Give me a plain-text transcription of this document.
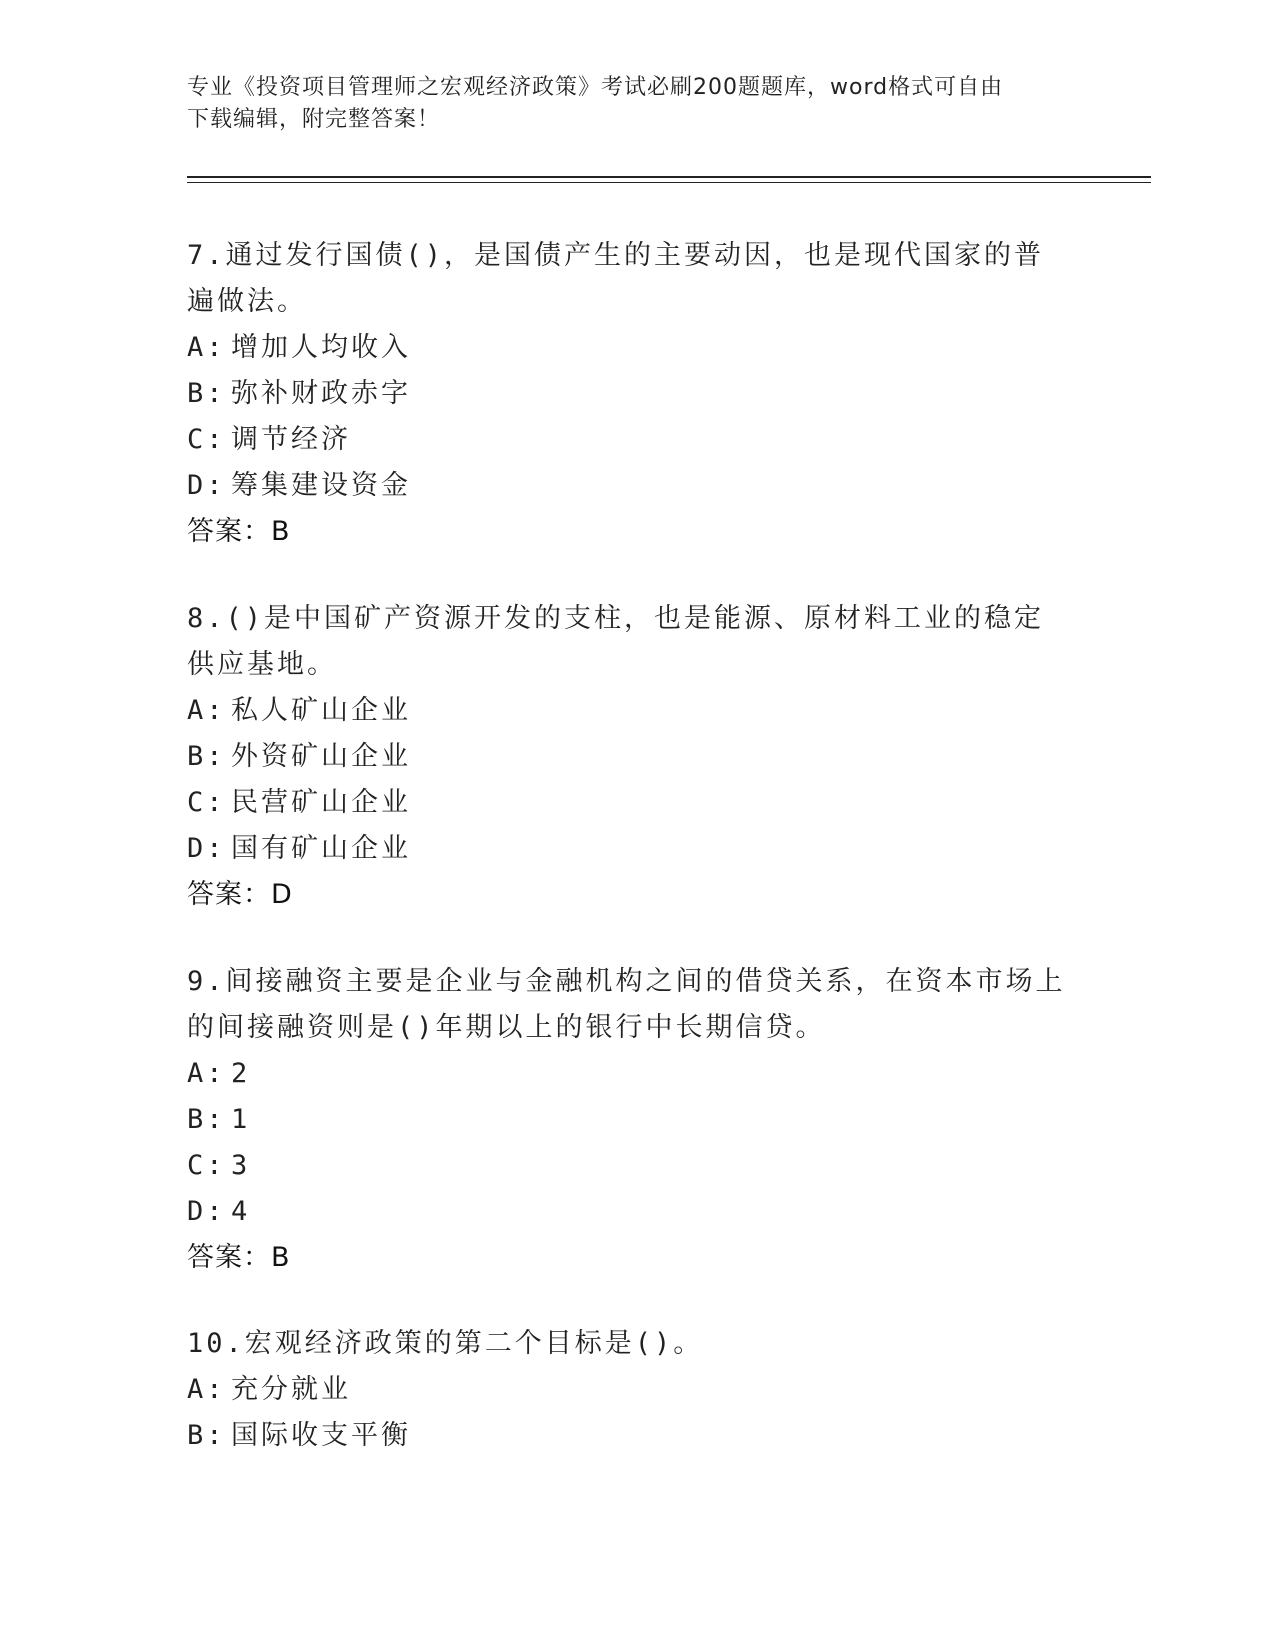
专业《投资项目管理师之宏观经济政策》考试必刷200题题库，word格式可自由
下载编辑，附完整答案！
7.通过发行国债()，是国债产生的主要动因，也是现代国家的普遍做法。
A: 增加人均收入
B: 弥补财政赤字
C: 调节经济
D: 筹集建设资金
答案：B
8.()是中国矿产资源开发的支柱，也是能源、原材料工业的稳定供应基地。
A: 私人矿山企业
B: 外资矿山企业
C: 民营矿山企业
D: 国有矿山企业
答案：D
9.间接融资主要是企业与金融机构之间的借贷关系，在资本市场上的间接融资则是()年期以上的银行中长期信贷。
A: 2
B: 1
C: 3
D: 4
答案：B
10.宏观经济政策的第二个目标是()。
A: 充分就业
B: 国际收支平衡
